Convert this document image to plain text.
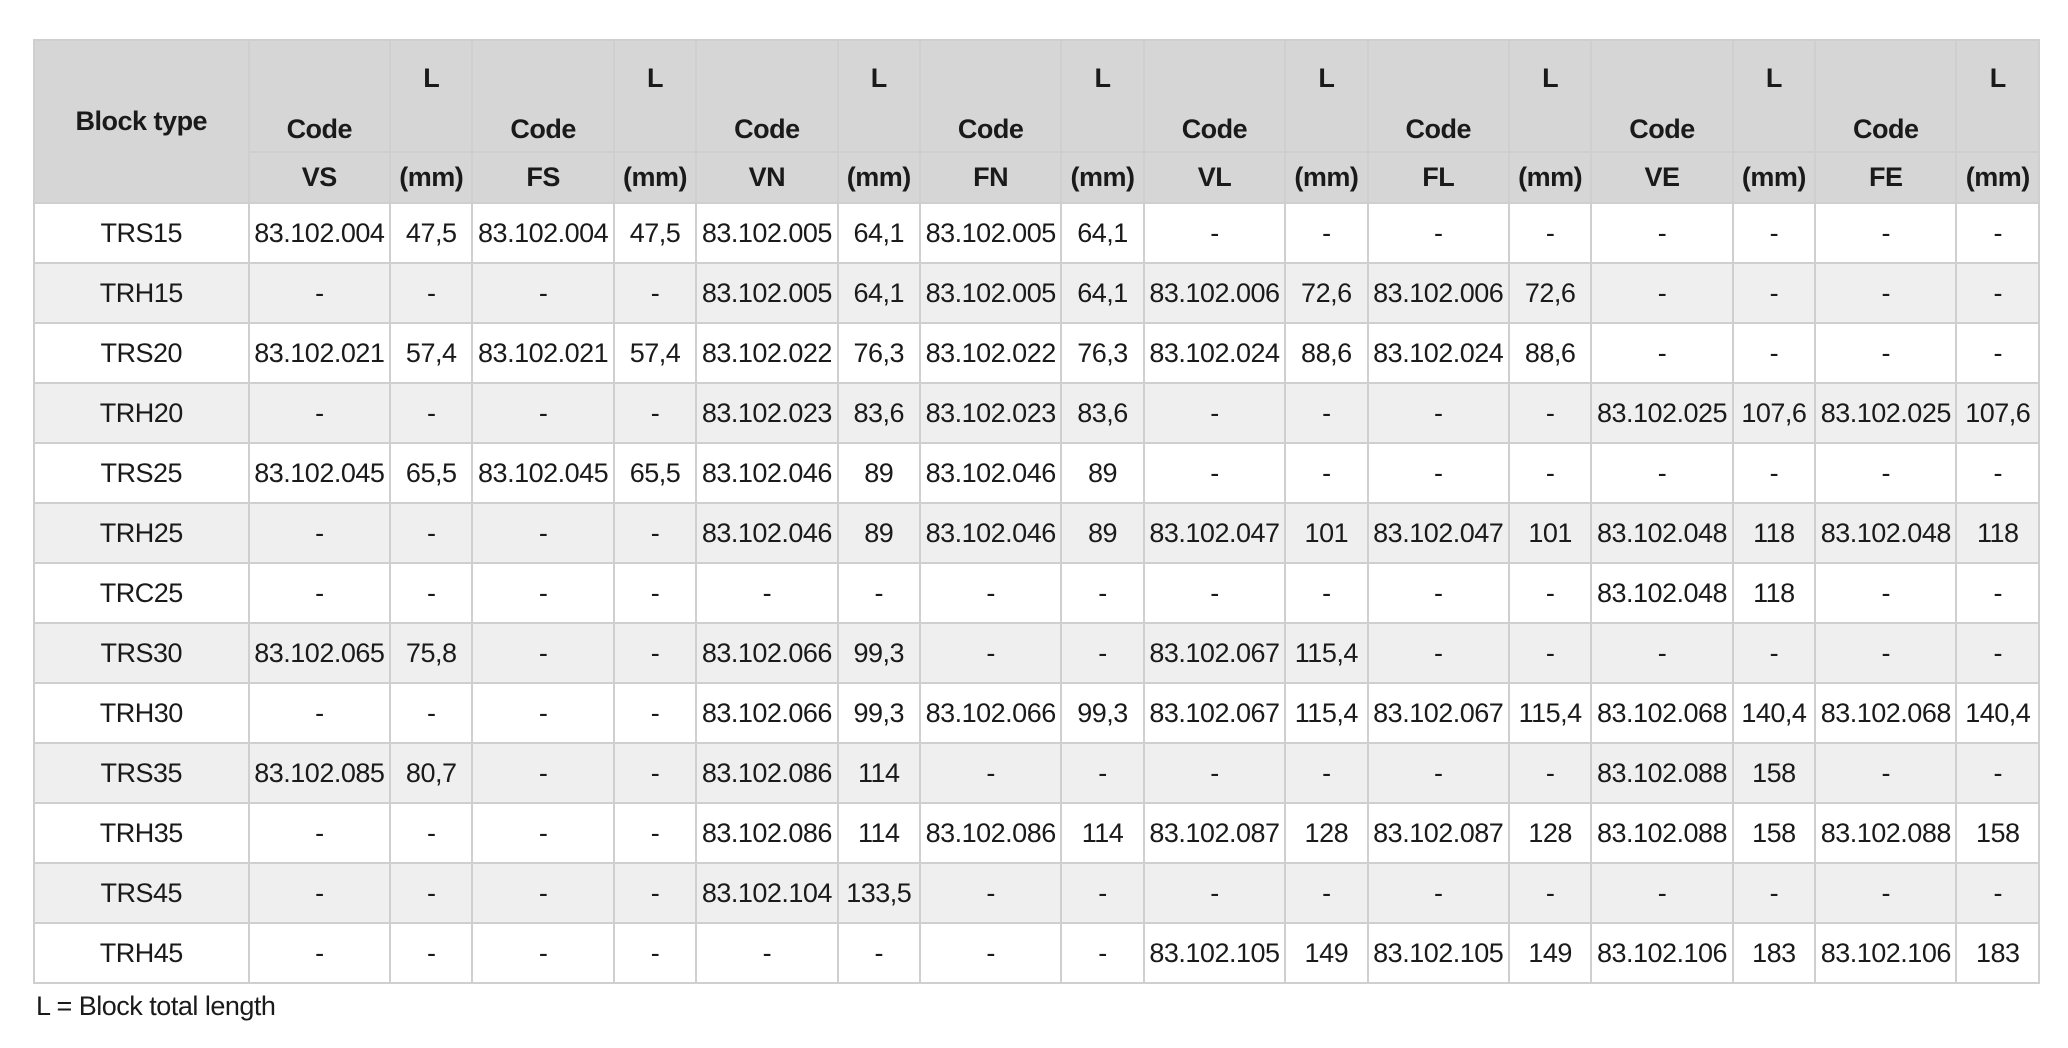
Block type	Code	L	Code	L	Code	L	Code	L	Code	L	Code	L	Code	L	Code	L
	VS	(mm)	FS	(mm)	VN	(mm)	FN	(mm)	VL	(mm)	FL	(mm)	VE	(mm)	FE	(mm)
TRS15	83.102.004	47,5	83.102.004	47,5	83.102.005	64,1	83.102.005	64,1	-	-	-	-	-	-	-	-
TRH15	-	-	-	-	83.102.005	64,1	83.102.005	64,1	83.102.006	72,6	83.102.006	72,6	-	-	-	-
TRS20	83.102.021	57,4	83.102.021	57,4	83.102.022	76,3	83.102.022	76,3	83.102.024	88,6	83.102.024	88,6	-	-	-	-
TRH20	-	-	-	-	83.102.023	83,6	83.102.023	83,6	-	-	-	-	83.102.025	107,6	83.102.025	107,6
TRS25	83.102.045	65,5	83.102.045	65,5	83.102.046	89	83.102.046	89	-	-	-	-	-	-	-	-
TRH25	-	-	-	-	83.102.046	89	83.102.046	89	83.102.047	101	83.102.047	101	83.102.048	118	83.102.048	118
TRC25	-	-	-	-	-	-	-	-	-	-	-	-	83.102.048	118	-	-
TRS30	83.102.065	75,8	-	-	83.102.066	99,3	-	-	83.102.067	115,4	-	-	-	-	-	-
TRH30	-	-	-	-	83.102.066	99,3	83.102.066	99,3	83.102.067	115,4	83.102.067	115,4	83.102.068	140,4	83.102.068	140,4
TRS35	83.102.085	80,7	-	-	83.102.086	114	-	-	-	-	-	-	83.102.088	158	-	-
TRH35	-	-	-	-	83.102.086	114	83.102.086	114	83.102.087	128	83.102.087	128	83.102.088	158	83.102.088	158
TRS45	-	-	-	-	83.102.104	133,5	-	-	-	-	-	-	-	-	-	-
TRH45	-	-	-	-	-	-	-	-	83.102.105	149	83.102.105	149	83.102.106	183	83.102.106	183
L = Block total length
